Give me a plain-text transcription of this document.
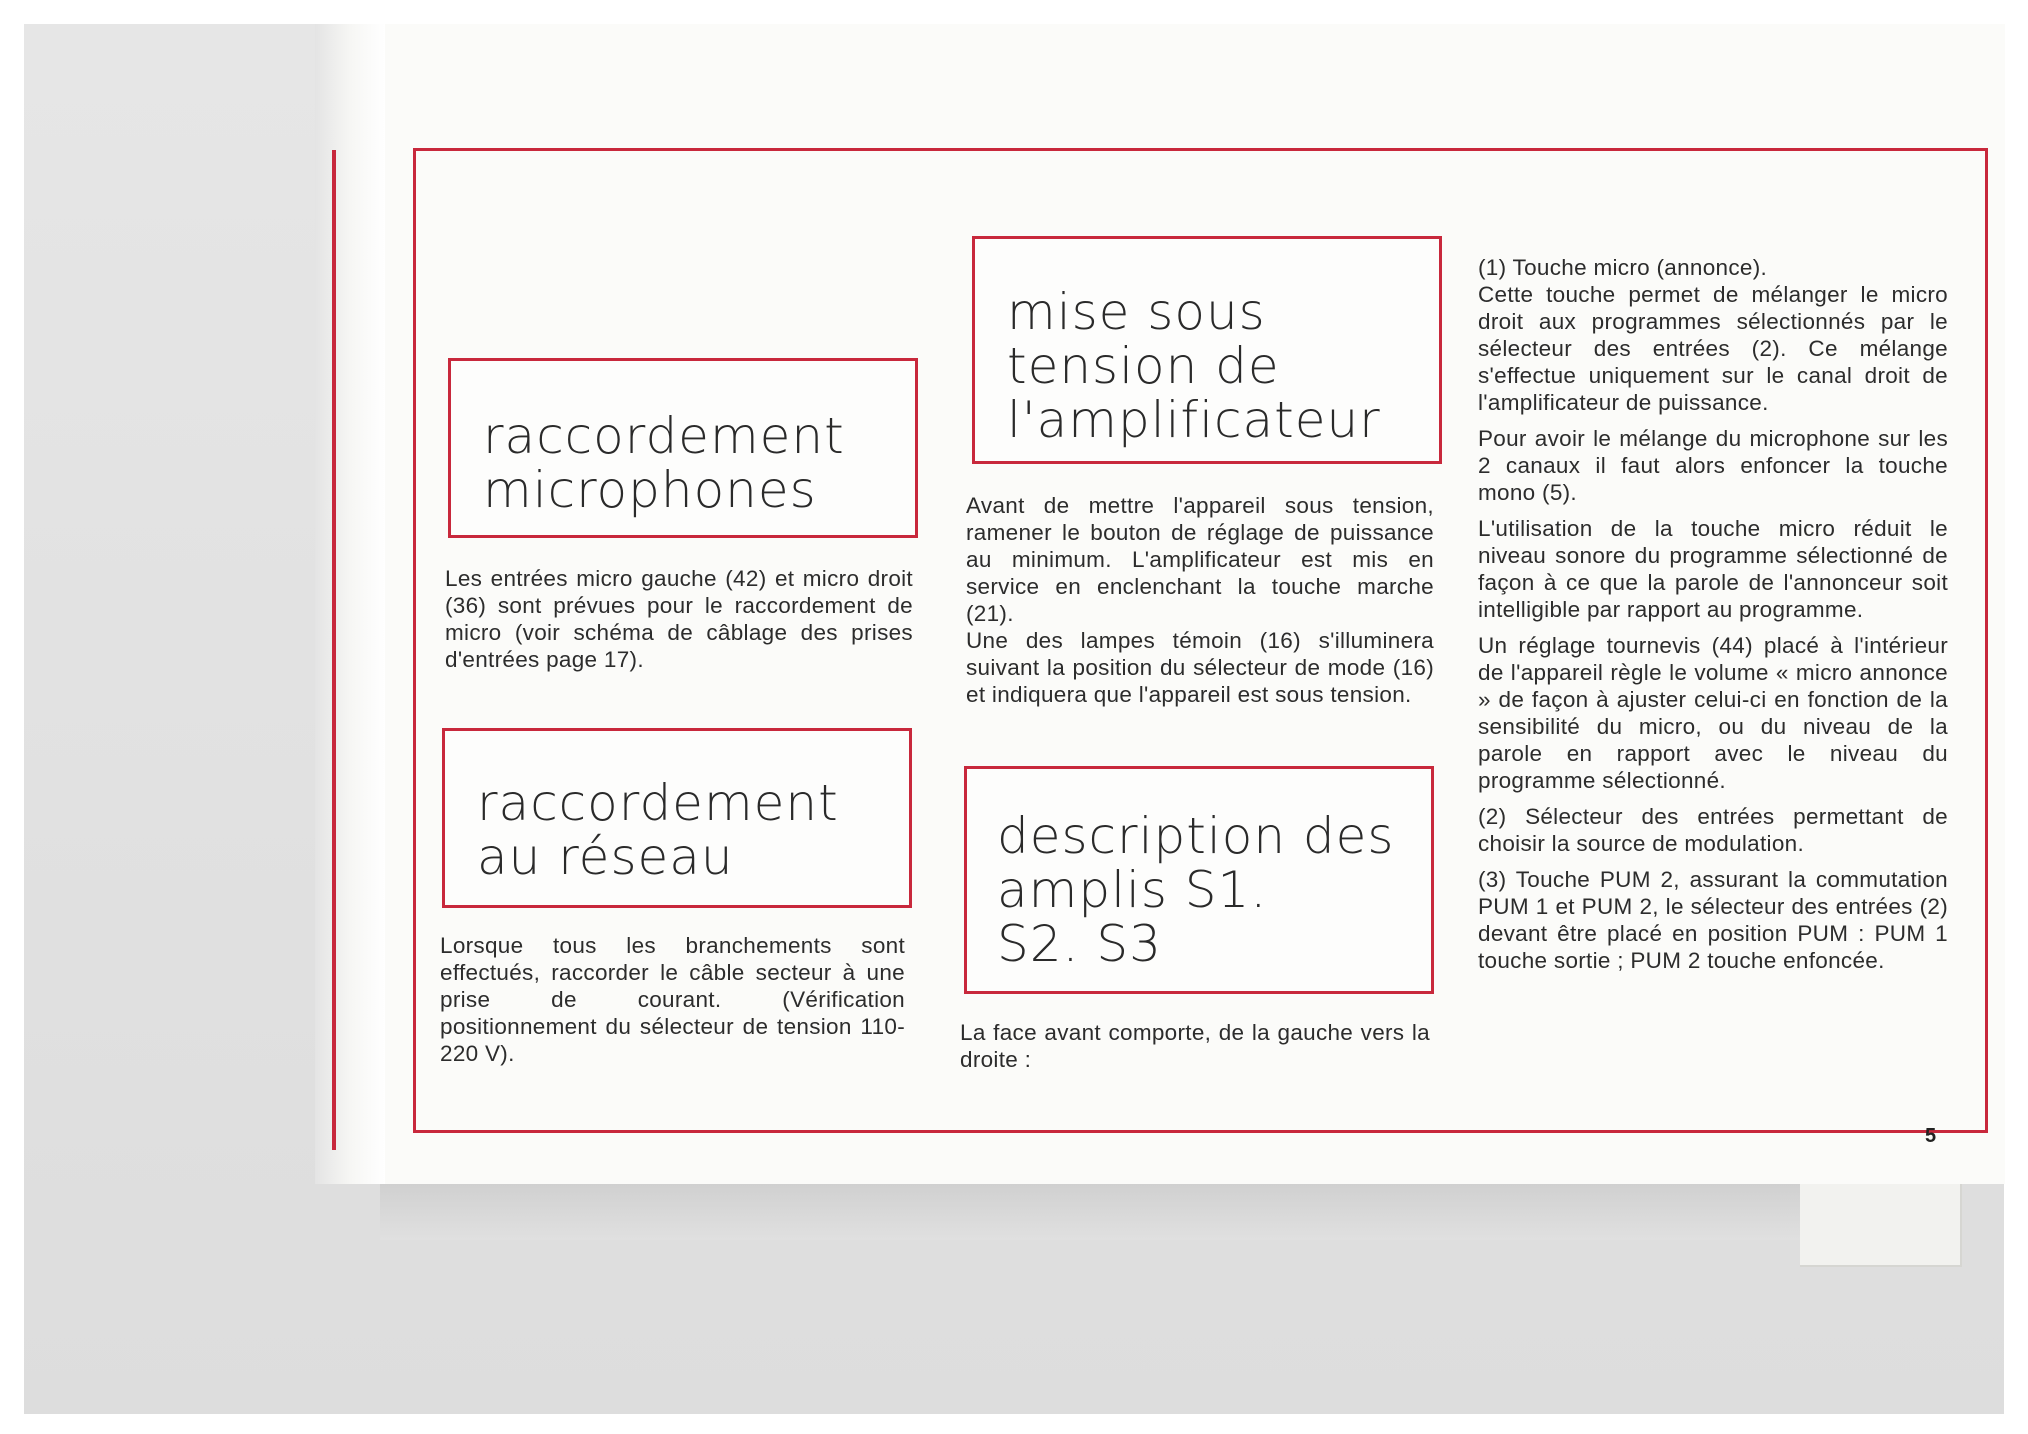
raccordement
microphones

Les entrées micro gauche (42) et micro droit (36) sont prévues pour le raccordement de micro (voir schéma de câblage des prises d'entrées page 17).

raccordement
au réseau

Lorsque tous les branchements sont effectués, raccorder le câble secteur à une prise de courant. (Vérification positionnement du sélecteur de tension 110-220 V).

mise sous
tension de
l'amplificateur

Avant de mettre l'appareil sous tension, ramener le bouton de réglage de puissance au minimum. L'amplificateur est mis en service en enclenchant la touche marche (21).

Une des lampes témoin (16) s'illuminera suivant la position du sélecteur de mode (16) et indiquera que l'appareil est sous tension.

description des
amplis S1.
S2. S3

La face avant comporte, de la gauche vers la droite :

(1) Touche micro (annonce).

Cette touche permet de mélanger le micro droit aux programmes sélectionnés par le sélecteur des entrées (2). Ce mélange s'effectue uniquement sur le canal droit de l'amplificateur de puissance.

Pour avoir le mélange du microphone sur les 2 canaux il faut alors enfoncer la touche mono (5).

L'utilisation de la touche micro réduit le niveau sonore du programme sélectionné de façon à ce que la parole de l'annonceur soit intelligible par rapport au programme.

Un réglage tournevis (44) placé à l'intérieur de l'appareil règle le volume « micro annonce » de façon à ajuster celui-ci en fonction de la sensibilité du micro, ou du niveau de la parole en rapport avec le niveau du programme sélectionné.

(2) Sélecteur des entrées permettant de choisir la source de modulation.

(3) Touche PUM 2, assurant la commutation PUM 1 et PUM 2, le sélecteur des entrées (2) devant être placé en position PUM : PUM 1 touche sortie ; PUM 2 touche enfoncée.

5
